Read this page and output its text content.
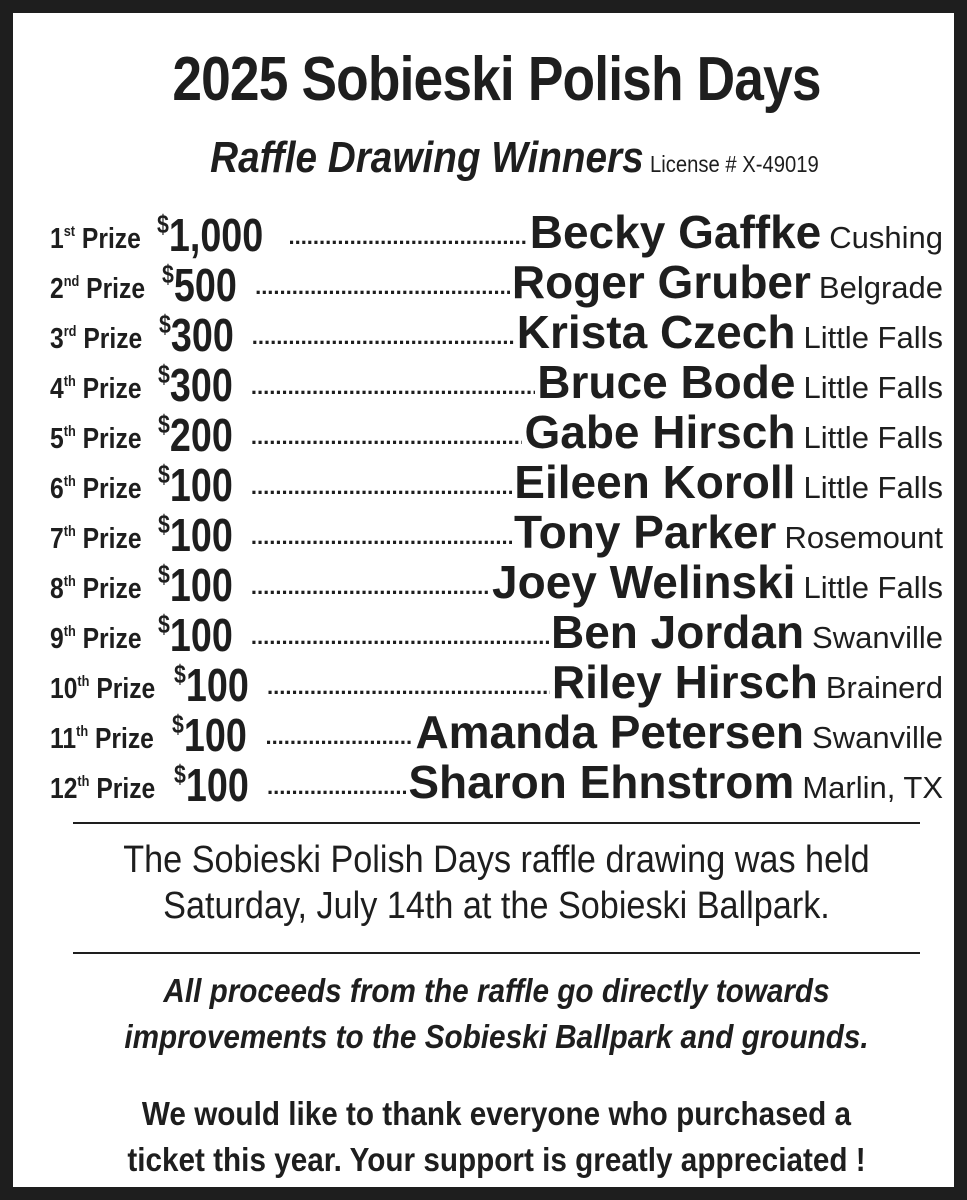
2025 Sobieski Polish Days
Raffle Drawing Winners License # X-49019
1st Prize $1,000 .....	Becky Gaffke Cushing
2nd Prize $500 .....	Roger Gruber Belgrade
3rd Prize $300 .....	Krista Czech Little Falls
4th Prize $300 .....	Bruce Bode Little Falls
5th Prize $200 .....	Gabe Hirsch Little Falls
6th Prize $100 .....	Eileen Koroll Little Falls
7th Prize $100 .....	Tony Parker Rosemount
8th Prize $100 .....	Joey Welinski Little Falls
9th Prize $100 .....	Ben Jordan Swanville
10th Prize $100 .....	Riley Hirsch Brainerd
11th Prize $100 .....	Amanda Petersen Swanville
12th Prize $100 .....	Sharon Ehnstrom Marlin, TX
The Sobieski Polish Days raffle drawing was held
Saturday, July 14th at the Sobieski Ballpark.
All proceeds from the raffle go directly towards
improvements to the Sobieski Ballpark and grounds.
We would like to thank everyone who purchased a
ticket this year. Your support is greatly appreciated !
